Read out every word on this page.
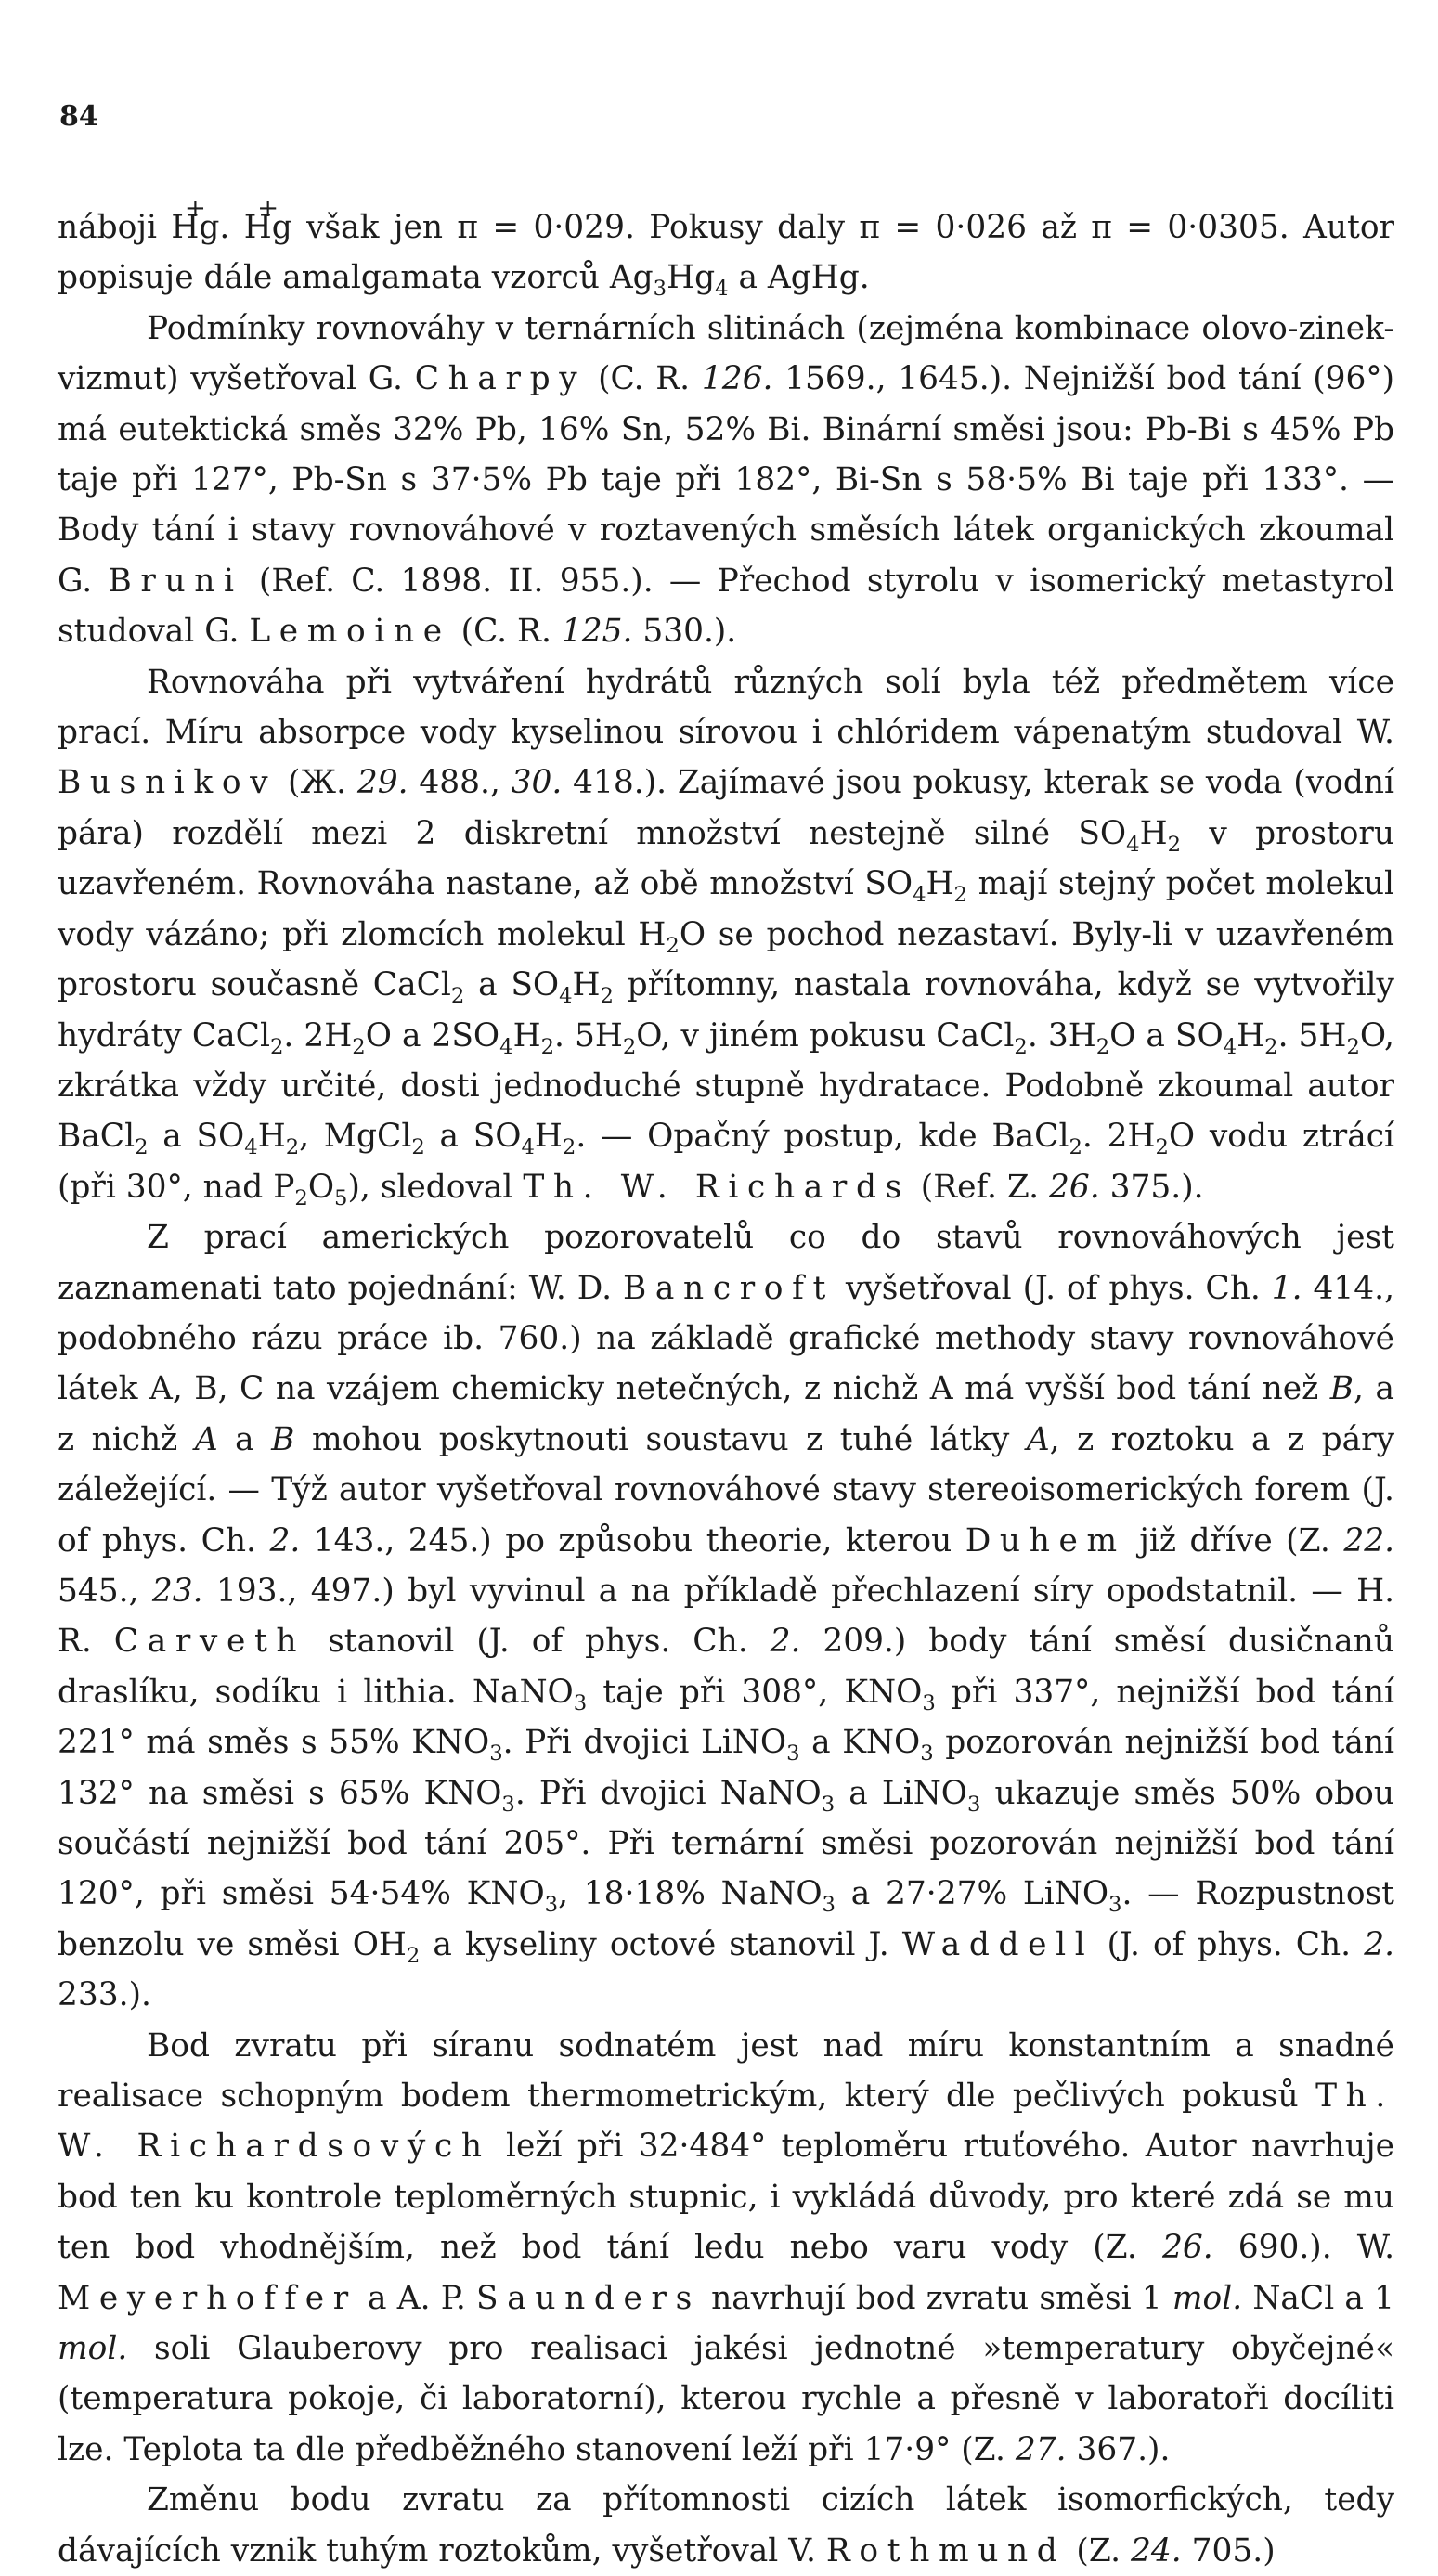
84

náboji + Hg. + Hg však jen π = 0·029. Pokusy daly π = 0·026 až π = 0·0305. Autor popisuje dále amalgamata vzorců $Ag_3Hg_4$ a AgHg.

Podmínky rovnováhy v ternárních slitinách (zejména kombinace olovo-zinek-vizmut) vyšetřoval G. Charpy (C. R. 126. 1569., 1645.). Nejnižší bod tání (96°) má eutektická směs 32% Pb, 16% Sn, 52% Bi. Binární směsi jsou: Pb-Bi s 45% Pb taje při 127°, Pb-Sn s 37·5% Pb taje při 182°, Bi-Sn s 58·5% Bi taje při 133°. — Body tání i stavy rovnováhové v roztavených směsích látek organických zkoumal G. Bruni (Ref. C. 1898. II. 955.). — Přechod styrolu v isomerický metastyrol studoval G. Lemoine (C. R. 125. 530.).

Rovnováha při vytváření hydrátů různých solí byla též předmětem více prací. Míru absorpce vody kyselinou sírovou i chlóridem vápenatým studoval W. Busnikov (Ж. 29. 488., 30. 418.). Zajímavé jsou pokusy, kterak se voda (vodní pára) rozdělí mezi 2 diskretní množství nestejně silné $SO_4H_2$ v prostoru uzavřeném. Rovnováha nastane, až obě množství $SO_4H_2$ mají stejný počet molekul vody vázáno; při zlomcích molekul $H_2O$ se pochod nezastaví. Byly-li v uzavřeném prostoru současně CaCl$_2$ a $SO_4H_2$ přítomny, nastala rovnováha, když se vytvořily hydráty CaCl$_2$. $2H_2O$ a $2SO_4H_2$. $5H_2O$, v jiném pokusu CaCl$_2$. $3H_2O$ a $SO_4H_2$. $5H_2O$, zkrátka vždy určité, dosti jednoduché stupně hydratace. Podobně zkoumal autor BaCl$_2$ a $SO_4H_2$, MgCl$_2$ a $SO_4H_2$. — Opačný postup, kde BaCl$_2$. $2H_2O$ vodu ztrácí (při 30°, nad $P_2O_5$), sledoval Th. W. Richards (Ref. Z. 26. 375.).

Z prací amerických pozorovatelů co do stavů rovnováhových jest zaznamenati tato pojednání: W. D. Bancroft vyšetřoval (J. of phys. Ch. 1. 414., podobného rázu práce ib. 760.) na základě grafické methody stavy rovnováhové látek A, B, C na vzájem chemicky netečných, z nichž A má vyšší bod tání než B, a z nichž A a B mohou poskytnouti soustavu z tuhé látky A, z roztoku a z páry záležející. — Týž autor vyšetřoval rovnováhové stavy stereoisomerických forem (J. of phys. Ch. 2. 143., 245.) po způsobu theorie, kterou Duhem již dříve (Z. 22. 545., 23. 193., 497.) byl vyvinul a na příkladě přechlazení síry opodstatnil. — H. R. Carveth stanovil (J. of phys. Ch. 2. 209.) body tání směsí dusičnanů draslíku, sodíku i lithia. NaNO$_3$ taje při 308°, $KNO_3$ při 337°, nejnižší bod tání 221° má směs s 55% $KNO_3$. Při dvojici LiNO$_3$ a $KNO_3$ pozorován nejnižší bod tání 132° na směsi s 65% $KNO_3$. Při dvojici NaNO$_3$ a LiNO$_3$ ukazuje směs 50% obou součástí nejnižší bod tání 205°. Při ternární směsi pozorován nejnižší bod tání 120°, při směsi 54·54% $KNO_3$, 18·18% NaNO$_3$ a 27·27% LiNO$_3$. — Rozpustnost benzolu ve směsi $OH_2$ a kyseliny octové stanovil J. Waddell (J. of phys. Ch. 2. 233.).

Bod zvratu při síranu sodnatém jest nad míru konstantním a snadné realisace schopným bodem thermometrickým, který dle pečlivých pokusů Th. W. Richardsových leží při 32·484° teploměru rtuťového. Autor navrhuje bod ten ku kontrole teploměrných stupnic, i vykládá důvody, pro které zdá se mu ten bod vhodnějším, než bod tání ledu nebo varu vody (Z. 26. 690.). W. Meyerhoffer a A. P. Saunders navrhují bod zvratu směsi 1 mol. NaCl a 1 mol. soli Glauberovy pro realisaci jakési jednotné »temperatury obyčejné« (temperatura pokoje, či laboratorní), kterou rychle a přesně v laboratoři docíliti lze. Teplota ta dle předběžného stanovení leží při 17·9° (Z. 27. 367.).

Změnu bodu zvratu za přítomnosti cizích látek isomorfických, tedy dávajících vznik tuhým roztokům, vyšetřoval V. Rothmund (Z. 24. 705.)
